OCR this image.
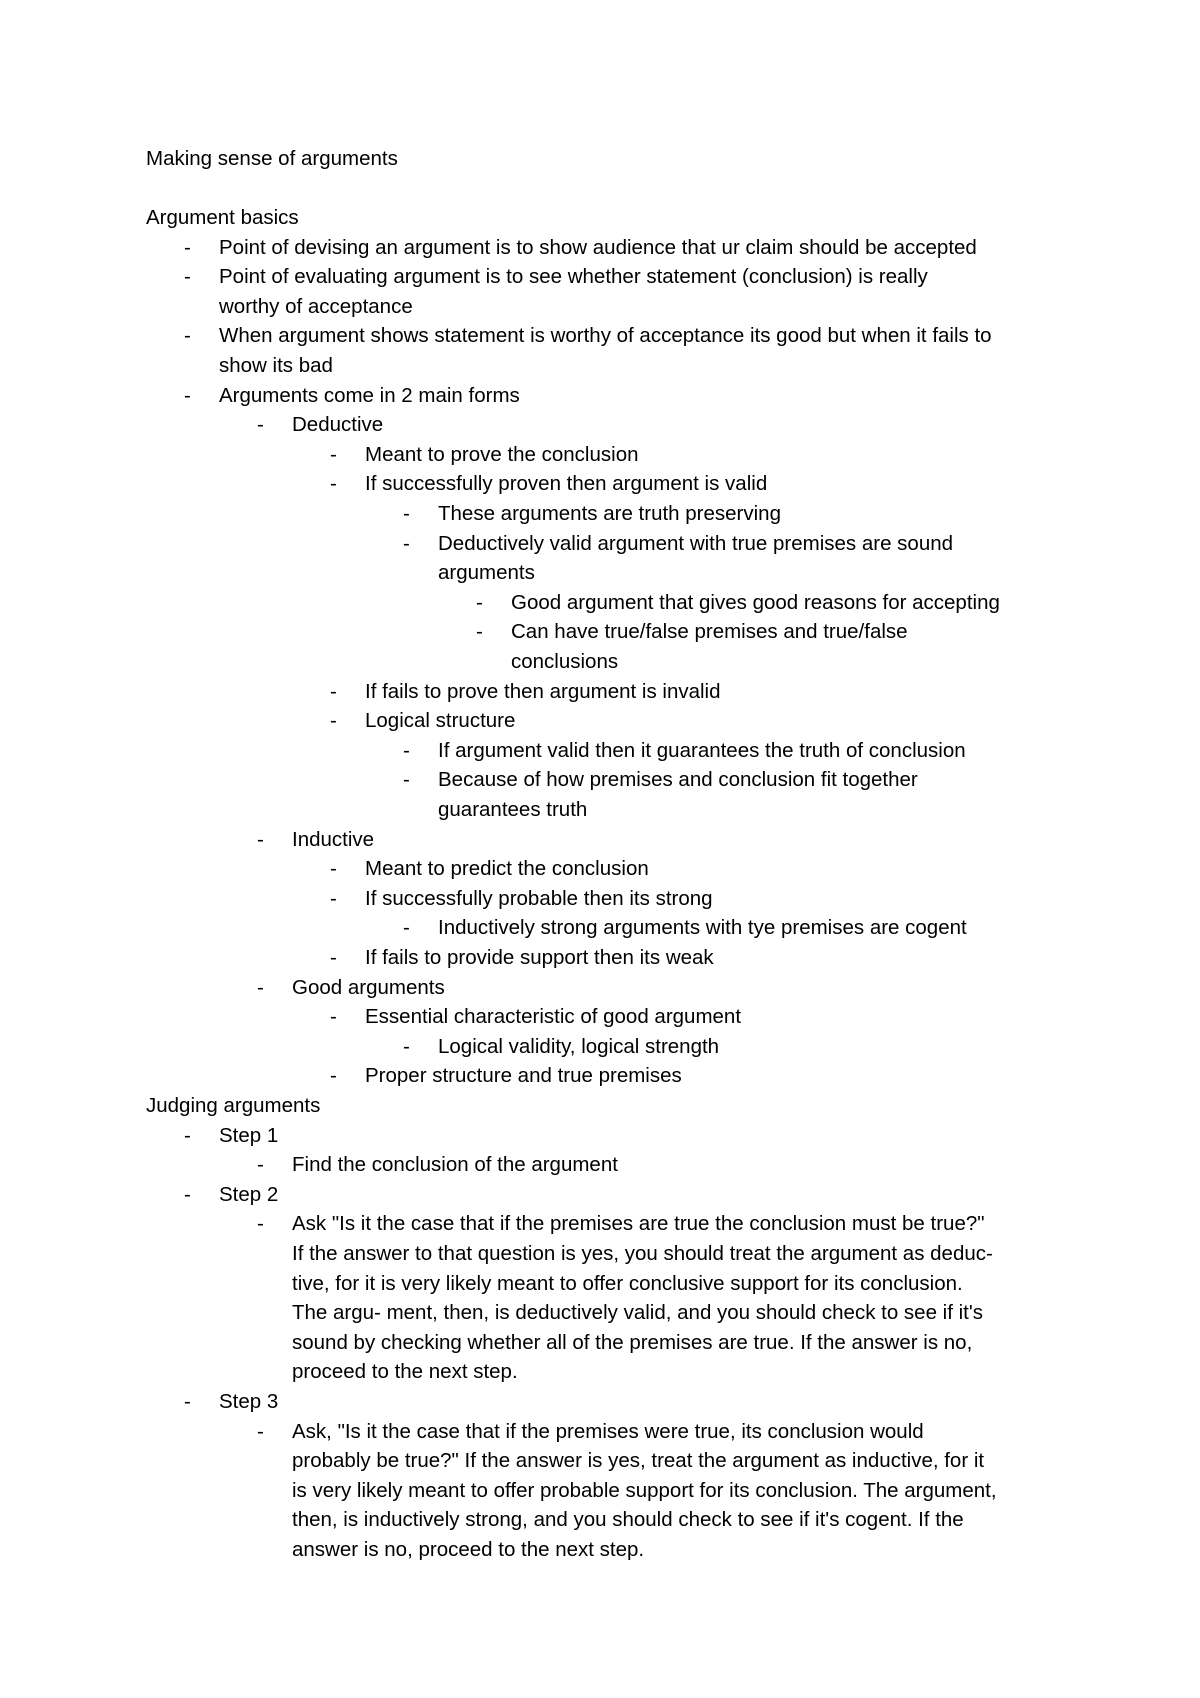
Making sense of arguments
Argument basics
- Point of devising an argument is to show audience that ur claim should be accepted
- Point of evaluating argument is to see whether statement (conclusion) is really
worthy of acceptance
- When argument shows statement is worthy of acceptance its good but when it fails to
show its bad
- Arguments come in 2 main forms
- Deductive
- Meant to prove the conclusion
- If successfully proven then argument is valid
- These arguments are truth preserving
- Deductively valid argument with true premises are sound
arguments
- Good argument that gives good reasons for accepting
- Can have true/false premises and true/false
conclusions
- If fails to prove then argument is invalid
- Logical structure
- If argument valid then it guarantees the truth of conclusion
- Because of how premises and conclusion fit together
guarantees truth
- Inductive
- Meant to predict the conclusion
- If successfully probable then its strong
- Inductively strong arguments with tye premises are cogent
- If fails to provide support then its weak
- Good arguments
- Essential characteristic of good argument
- Logical validity, logical strength
- Proper structure and true premises
Judging arguments
- Step 1
- Find the conclusion of the argument
- Step 2
- Ask "Is it the case that if the premises are true the conclusion must be true?"
If the answer to that question is yes, you should treat the argument as deduc-
tive, for it is very likely meant to offer conclusive support for its conclusion.
The argu- ment, then, is deductively valid, and you should check to see if it's
sound by checking whether all of the premises are true. If the answer is no,
proceed to the next step.
- Step 3
- Ask, "Is it the case that if the premises were true, its conclusion would
probably be true?" If the answer is yes, treat the argument as inductive, for it
is very likely meant to offer probable support for its conclusion. The argument,
then, is inductively strong, and you should check to see if it's cogent. If the
answer is no, proceed to the next step.
